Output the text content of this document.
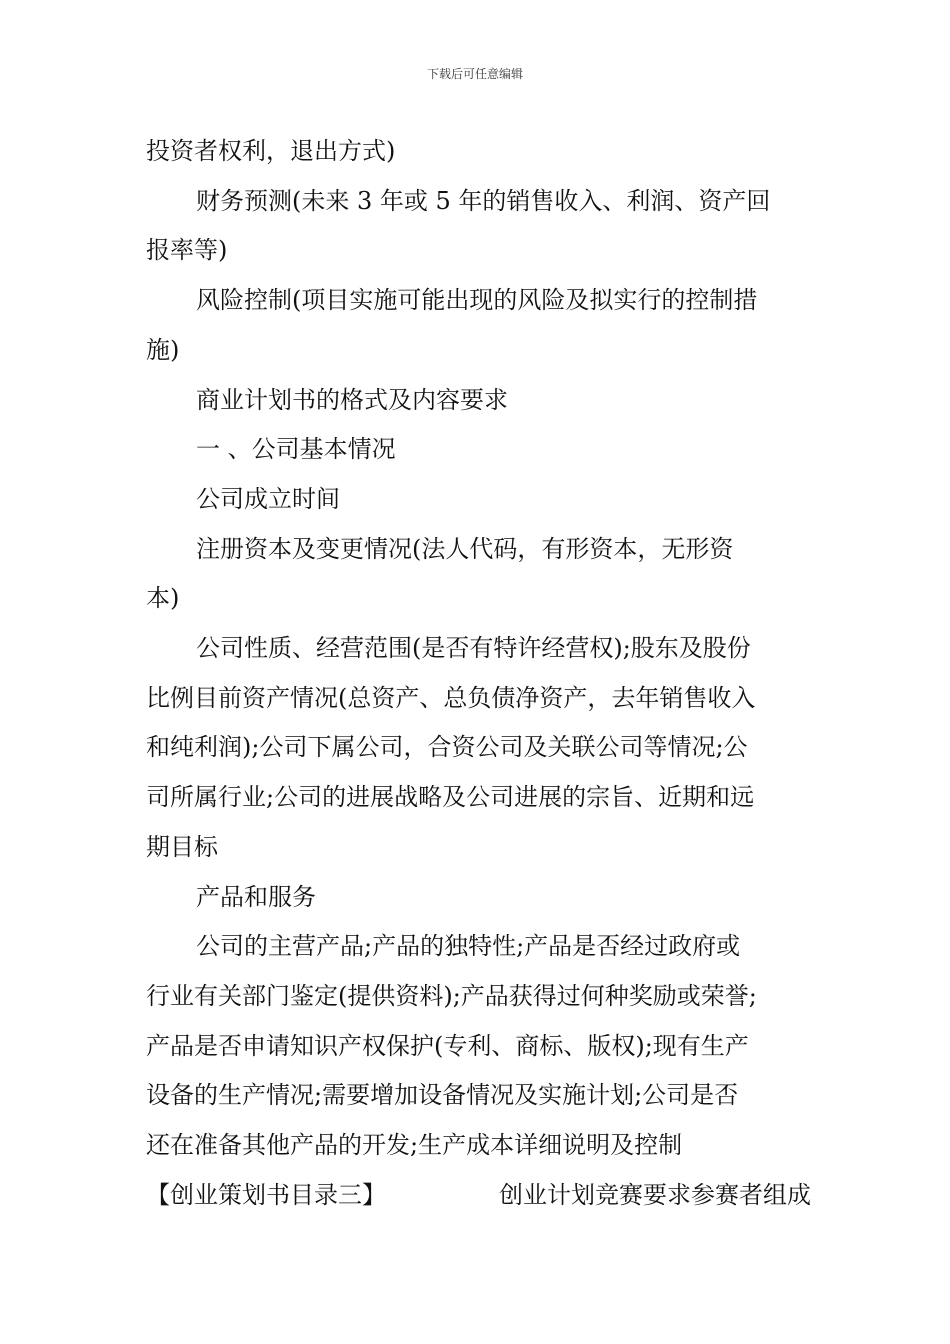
下载后可任意编辑

投资者权利，退出方式)

财务预测(未来 3 年或 5 年的销售收入、利润、资产回

报率等)

风险控制(项目实施可能出现的风险及拟实行的控制措

施)

商业计划书的格式及内容要求

一 、公司基本情况

公司成立时间

注册资本及变更情况(法人代码，有形资本，无形资

本)

公司性质、经营范围(是否有特许经营权);股东及股份

比例目前资产情况(总资产、总负债净资产，去年销售收入

和纯利润);公司下属公司，合资公司及关联公司等情况;公

司所属行业;公司的进展战略及公司进展的宗旨、近期和远

期目标

产品和服务

公司的主营产品;产品的独特性;产品是否经过政府或

行业有关部门鉴定(提供资料);产品获得过何种奖励或荣誉;

产品是否申请知识产权保护(专利、商标、版权);现有生产

设备的生产情况;需要增加设备情况及实施计划;公司是否

还在准备其他产品的开发;生产成本详细说明及控制

【创业策划书目录三】	创业计划竞赛要求参赛者组成
